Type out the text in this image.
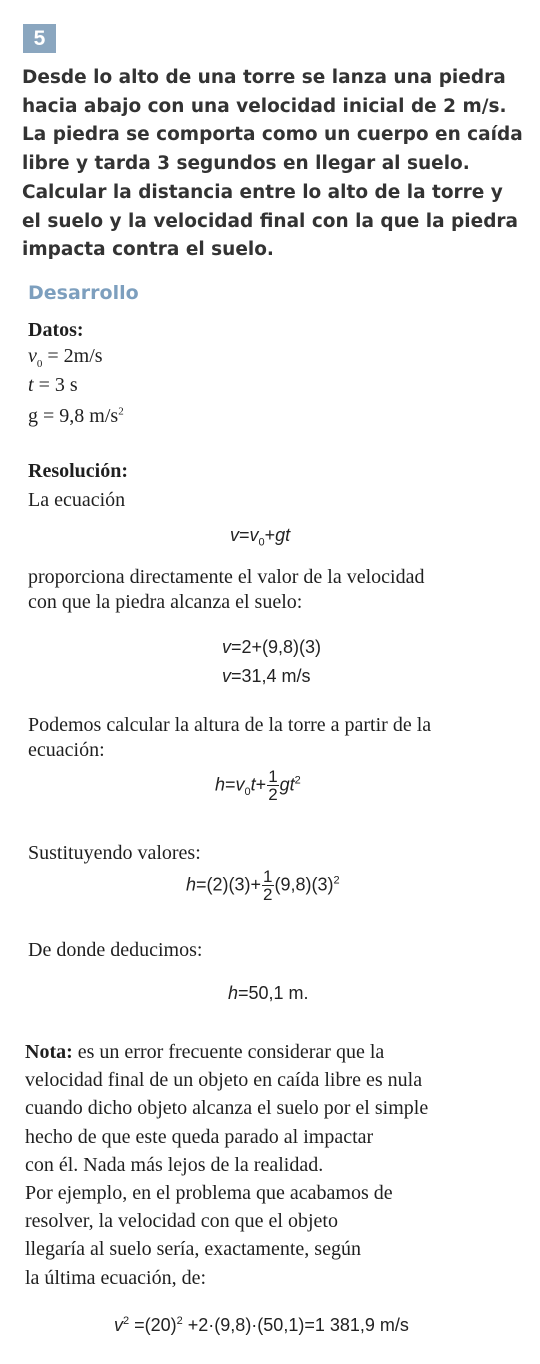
5

Desde lo alto de una torre se lanza una piedra
hacia abajo con una velocidad inicial de 2 m/s.
La piedra se comporta como un cuerpo en caída
libre y tarda 3 segundos en llegar al suelo.
Calcular la distancia entre lo alto de la torre y
el suelo y la velocidad final con la que la piedra
impacta contra el suelo.

Desarrollo
Datos:
$v_0 = 2m/s$
t = 3 s
g = 9,8 $m/s^2$
Resolución:
La ecuación
$v=v_0+gt$

proporciona directamente el valor de la velocidad
con que la piedra alcanza el suelo:

v=2+(9,8)(3)
v=31,4 m/s

Podemos calcular la altura de la torre a partir de la
ecuación:

$h=v_0t+ \frac{1}{2} gt^2$
Sustituyendo valores:
$h=(2)(3)+ \frac{1}{2} (9,8)(3)^2$
De donde deducimos:
h=50,1 m.

Nota: es un error frecuente considerar que la
velocidad final de un objeto en caída libre es nula
cuando dicho objeto alcanza el suelo por el simple
hecho de que este queda parado al impactar
con él. Nada más lejos de la realidad.
Por ejemplo, en el problema que acabamos de
resolver, la velocidad con que el objeto
llegaría al suelo sería, exactamente, según
la última ecuación, de:

$v^2 =(20)^2 +2\cdot(9,8)\cdot(50,1)=1$ 381,9 m/s
